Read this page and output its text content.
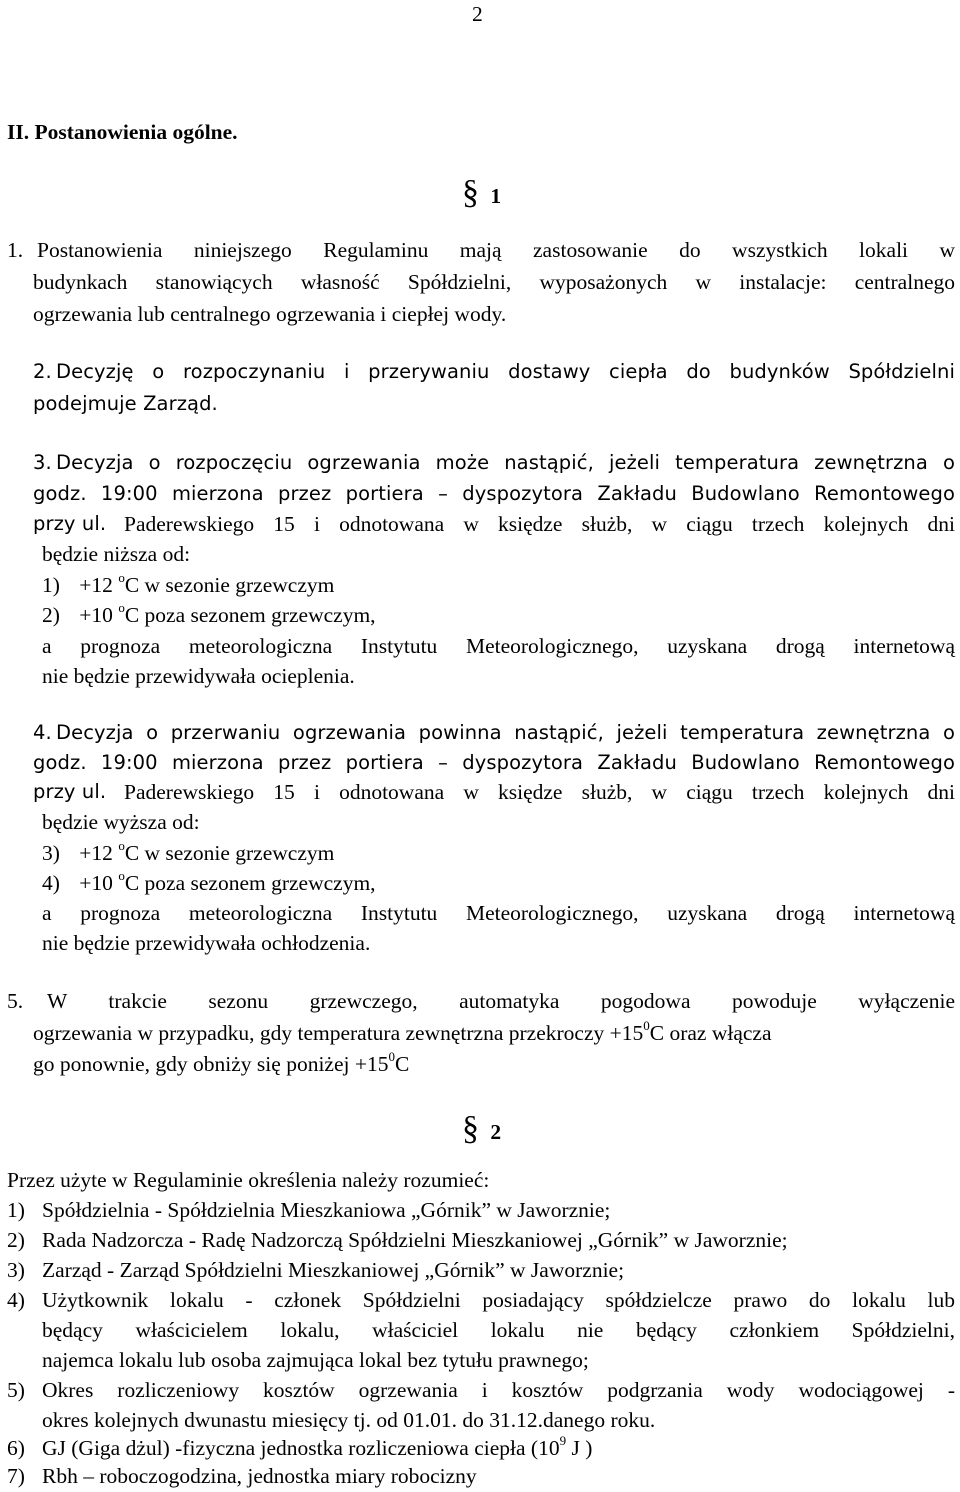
2
II. Postanowienia ogólne.
§ 1
1. Postanowienia niniejszego Regulaminu mają zastosowanie do wszystkich lokali w
budynkach stanowiących własność Spółdzielni, wyposażonych w instalacje: centralnego
ogrzewania lub centralnego ogrzewania i ciepłej wody.
2. Decyzję o rozpoczynaniu i przerywaniu dostawy ciepła do budynków Spółdzielni
podejmuje Zarząd.
3. Decyzja o rozpoczęciu ogrzewania może nastąpić, jeżeli temperatura zewnętrzna o
godz. 19:00 mierzona przez portiera – dyspozytora Zakładu Budowlano Remontowego
przy ul. Paderewskiego 15 i odnotowana w księdze służb, w ciągu trzech kolejnych dni
będzie niższa od:
1) +12 $^o$C w sezonie grzewczym
2) +10 $^o$C poza sezonem grzewczym,
a prognoza meteorologiczna Instytutu Meteorologicznego, uzyskana drogą internetową
nie będzie przewidywała ocieplenia.
4. Decyzja o przerwaniu ogrzewania powinna nastąpić, jeżeli temperatura zewnętrzna o
godz. 19:00 mierzona przez portiera – dyspozytora Zakładu Budowlano Remontowego
przy ul. Paderewskiego 15 i odnotowana w księdze służb, w ciągu trzech kolejnych dni
będzie wyższa od:
3) +12 $^o$C w sezonie grzewczym
4) +10 $^o$C poza sezonem grzewczym,
a prognoza meteorologiczna Instytutu Meteorologicznego, uzyskana drogą internetową
nie będzie przewidywała ochłodzenia.
5. W trakcie sezonu grzewczego, automatyka pogodowa powoduje wyłączenie
ogrzewania w przypadku, gdy temperatura zewnętrzna przekroczy $+15^0C$ oraz włącza
go ponownie, gdy obniży się poniżej $+15^0C$
§ 2
Przez użyte w Regulaminie określenia należy rozumieć:
1) Spółdzielnia - Spółdzielnia Mieszkaniowa „Górnik” w Jaworznie;
2) Rada Nadzorcza - Radę Nadzorczą Spółdzielni Mieszkaniowej „Górnik” w Jaworznie;
3) Zarząd - Zarząd Spółdzielni Mieszkaniowej „Górnik” w Jaworznie;
4) Użytkownik lokalu - członek Spółdzielni posiadający spółdzielcze prawo do lokalu lub
będący właścicielem lokalu, właściciel lokalu nie będący członkiem Spółdzielni,
najemca lokalu lub osoba zajmująca lokal bez tytułu prawnego;
5) Okres rozliczeniowy kosztów ogrzewania i kosztów podgrzania wody wodociągowej -
okres kolejnych dwunastu miesięcy tj. od 01.01. do 31.12.danego roku.
6) GJ (Giga dżul) -fizyczna jednostka rozliczeniowa ciepła ($10^9$ J )
7) Rbh – roboczogodzina, jednostka miary robocizny
